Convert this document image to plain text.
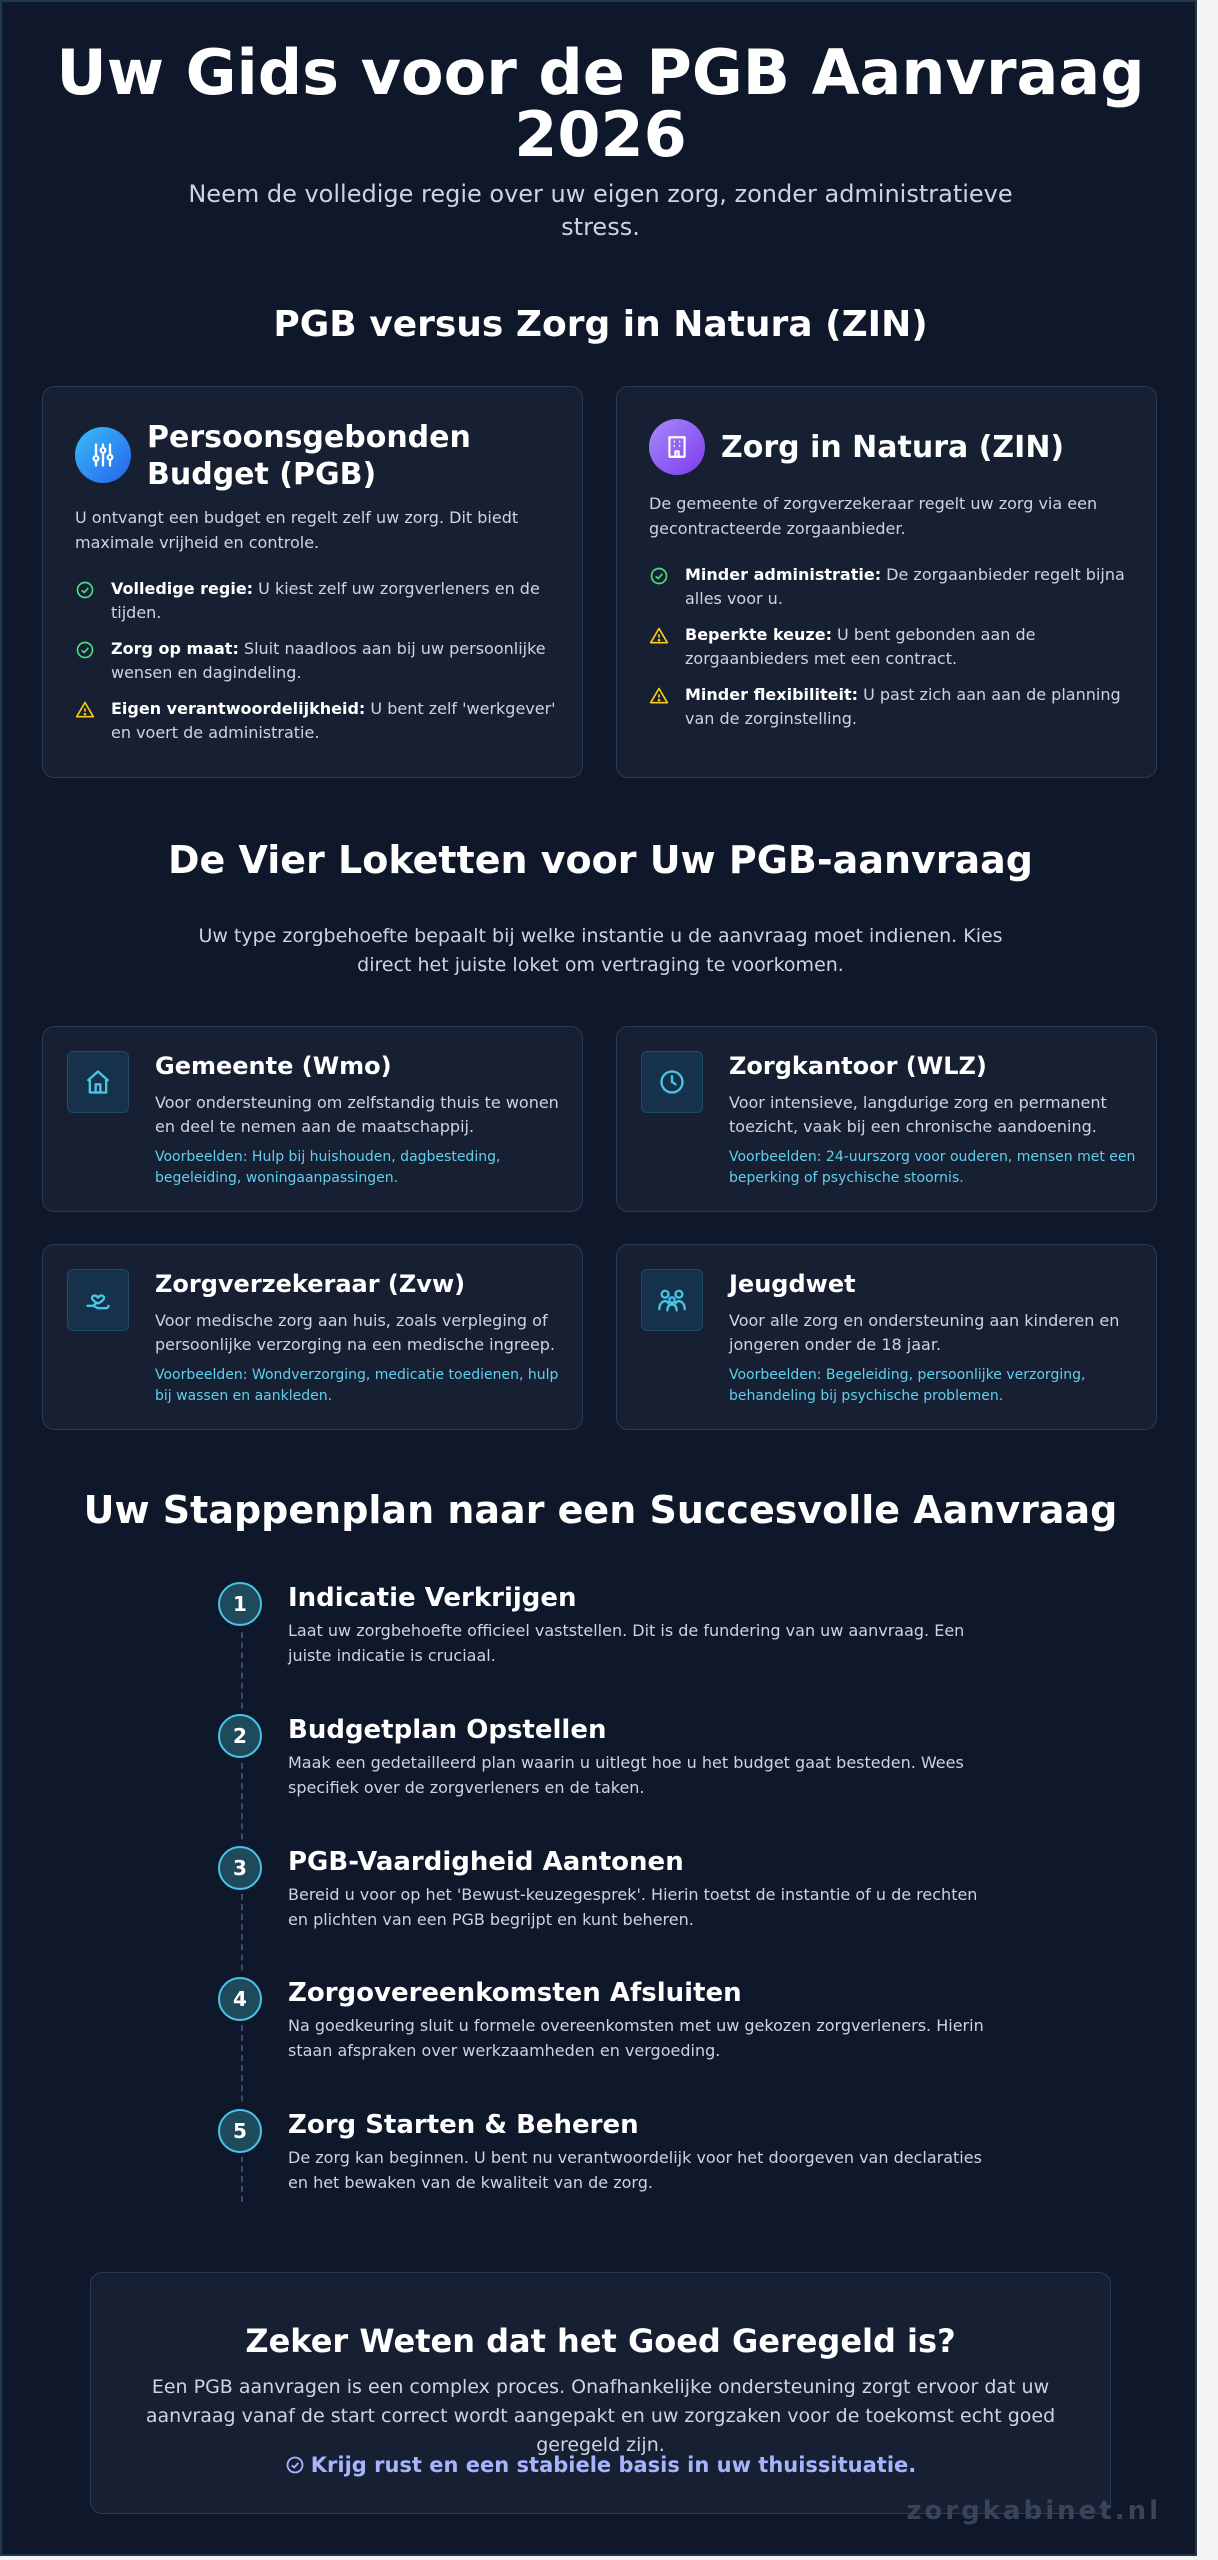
Uw Gids voor de PGB Aanvraag
2026
Neem de volledige regie over uw eigen zorg, zonder administratieve stress.
PGB versus Zorg in Natura (ZIN)
Persoonsgebonden Budget (PGB)
U ontvangt een budget en regelt zelf uw zorg. Dit biedt maximale vrijheid en controle.
Volledige regie: U kiest zelf uw zorgverleners en de tijden.
Zorg op maat: Sluit naadloos aan bij uw persoonlijke wensen en dagindeling.
Eigen verantwoordelijkheid: U bent zelf 'werkgever' en voert de administratie.
Zorg in Natura (ZIN)
De gemeente of zorgverzekeraar regelt uw zorg via een gecontracteerde zorgaanbieder.
Minder administratie: De zorgaanbieder regelt bijna alles voor u.
Beperkte keuze: U bent gebonden aan de zorgaanbieders met een contract.
Minder flexibiliteit: U past zich aan aan de planning van de zorginstelling.
De Vier Loketten voor Uw PGB-aanvraag
Uw type zorgbehoefte bepaalt bij welke instantie u de aanvraag moet indienen. Kies direct het juiste loket om vertraging te voorkomen.
Gemeente (Wmo)
Voor ondersteuning om zelfstandig thuis te wonen en deel te nemen aan de maatschappij.
Voorbeelden: Hulp bij huishouden, dagbesteding, begeleiding, woningaanpassingen.
Zorgkantoor (WLZ)
Voor intensieve, langdurige zorg en permanent toezicht, vaak bij een chronische aandoening.
Voorbeelden: 24-uurszorg voor ouderen, mensen met een beperking of psychische stoornis.
Zorgverzekeraar (Zvw)
Voor medische zorg aan huis, zoals verpleging of persoonlijke verzorging na een medische ingreep.
Voorbeelden: Wondverzorging, medicatie toedienen, hulp bij wassen en aankleden.
Jeugdwet
Voor alle zorg en ondersteuning aan kinderen en jongeren onder de 18 jaar.
Voorbeelden: Begeleiding, persoonlijke verzorging, behandeling bij psychische problemen.
Uw Stappenplan naar een Succesvolle Aanvraag
1	Indicatie Verkrijgen
Laat uw zorgbehoefte officieel vaststellen. Dit is de fundering van uw aanvraag. Een juiste indicatie is cruciaal.
2	Budgetplan Opstellen
Maak een gedetailleerd plan waarin u uitlegt hoe u het budget gaat besteden. Wees specifiek over de zorgverleners en de taken.
3	PGB-Vaardigheid Aantonen
Bereid u voor op het 'Bewust-keuzegesprek'. Hierin toetst de instantie of u de rechten en plichten van een PGB begrijpt en kunt beheren.
4	Zorgovereenkomsten Afsluiten
Na goedkeuring sluit u formele overeenkomsten met uw gekozen zorgverleners. Hierin staan afspraken over werkzaamheden en vergoeding.
5	Zorg Starten & Beheren
De zorg kan beginnen. U bent nu verantwoordelijk voor het doorgeven van declaraties en het bewaken van de kwaliteit van de zorg.
Zeker Weten dat het Goed Geregeld is?
Een PGB aanvragen is een complex proces. Onafhankelijke ondersteuning zorgt ervoor dat uw aanvraag vanaf de start correct wordt aangepakt en uw zorgzaken voor de toekomst echt goed geregeld zijn.
Krijg rust en een stabiele basis in uw thuissituatie.
zorgkabinet.nl
